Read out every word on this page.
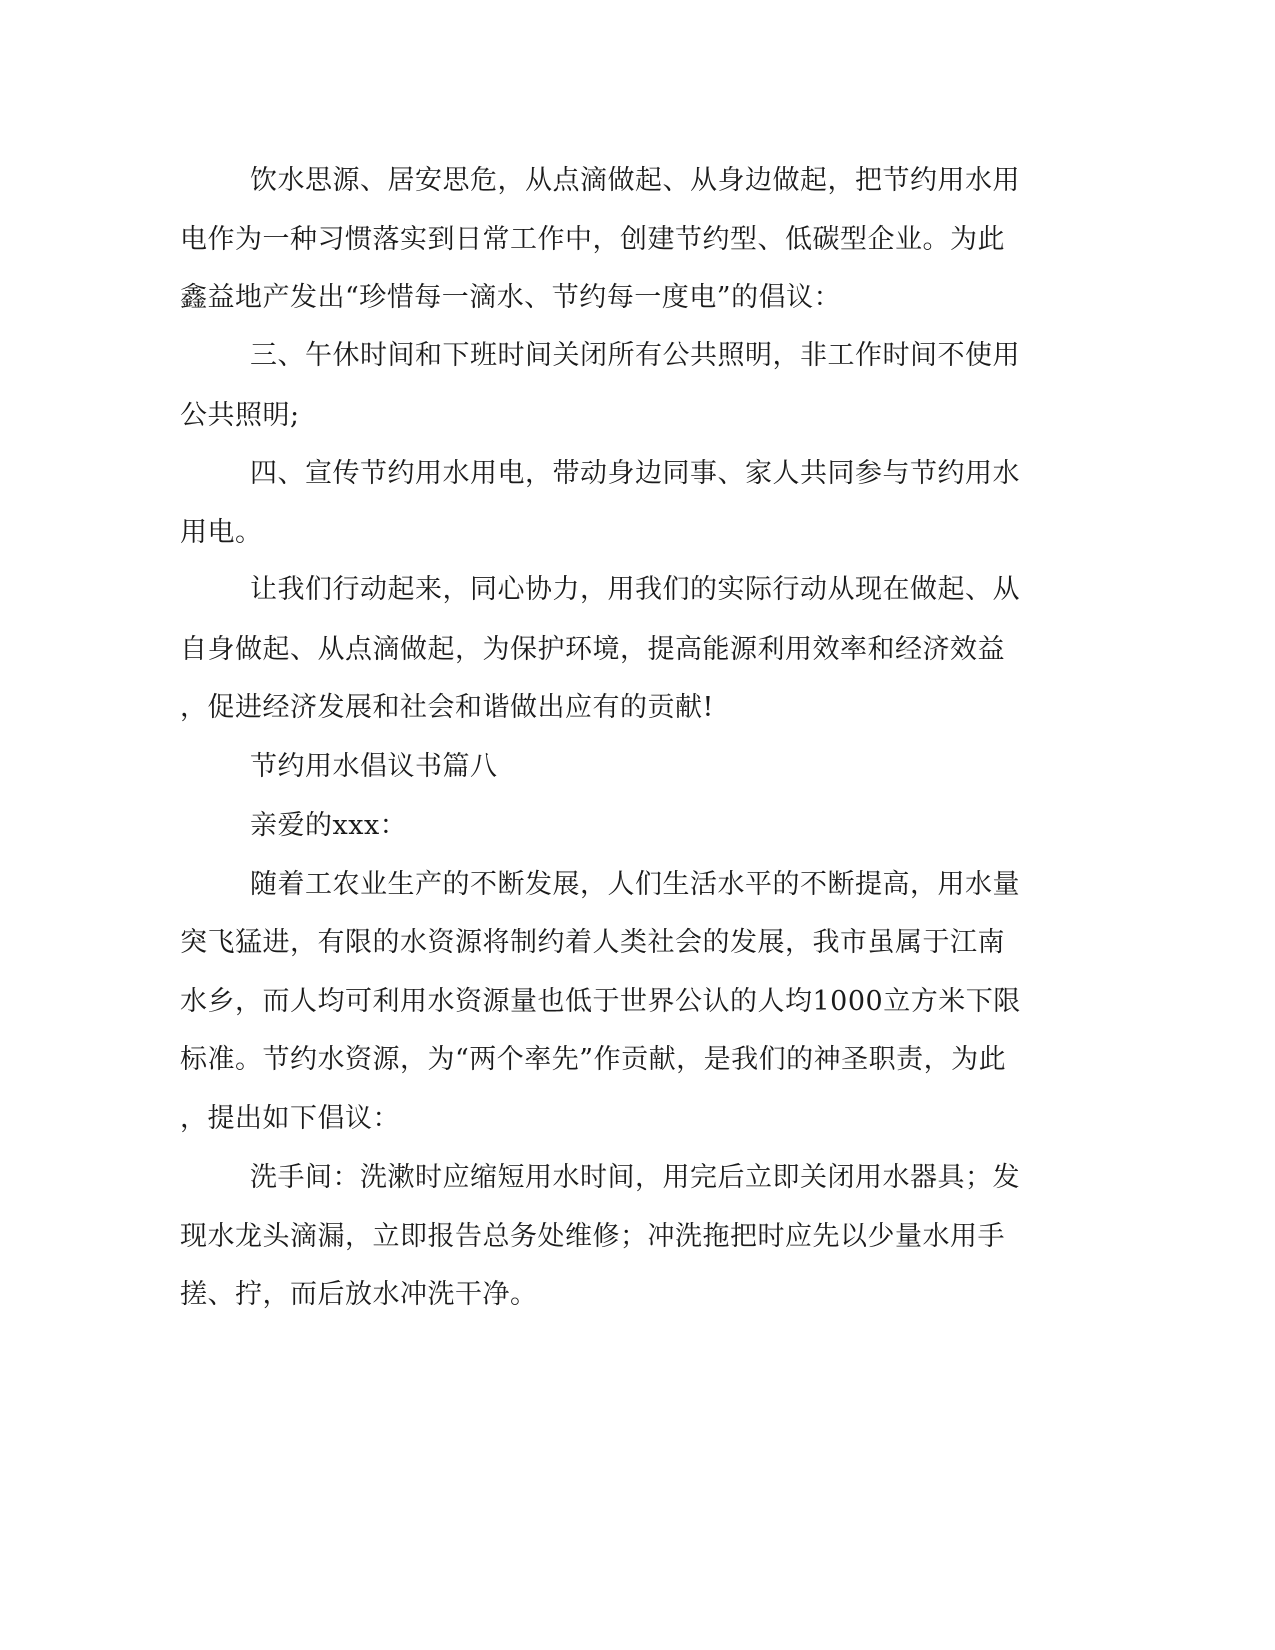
饮水思源、居安思危，从点滴做起、从身边做起，把节约用水用
电作为一种习惯落实到日常工作中，创建节约型、低碳型企业。为此
鑫益地产发出“珍惜每一滴水、节约每一度电”的倡议：
三、午休时间和下班时间关闭所有公共照明，非工作时间不使用
公共照明;
四、宣传节约用水用电，带动身边同事、家人共同参与节约用水
用电。
让我们行动起来，同心协力，用我们的实际行动从现在做起、从
自身做起、从点滴做起，为保护环境，提高能源利用效率和经济效益
，促进经济发展和社会和谐做出应有的贡献!
节约用水倡议书篇八
亲爱的xxx：
随着工农业生产的不断发展，人们生活水平的不断提高，用水量
突飞猛进，有限的水资源将制约着人类社会的发展，我市虽属于江南
水乡，而人均可利用水资源量也低于世界公认的人均1000立方米下限
标准。节约水资源，为“两个率先”作贡献，是我们的神圣职责，为此
，提出如下倡议：
洗手间：洗漱时应缩短用水时间，用完后立即关闭用水器具；发
现水龙头滴漏，立即报告总务处维修；冲洗拖把时应先以少量水用手
搓、拧，而后放水冲洗干净。
